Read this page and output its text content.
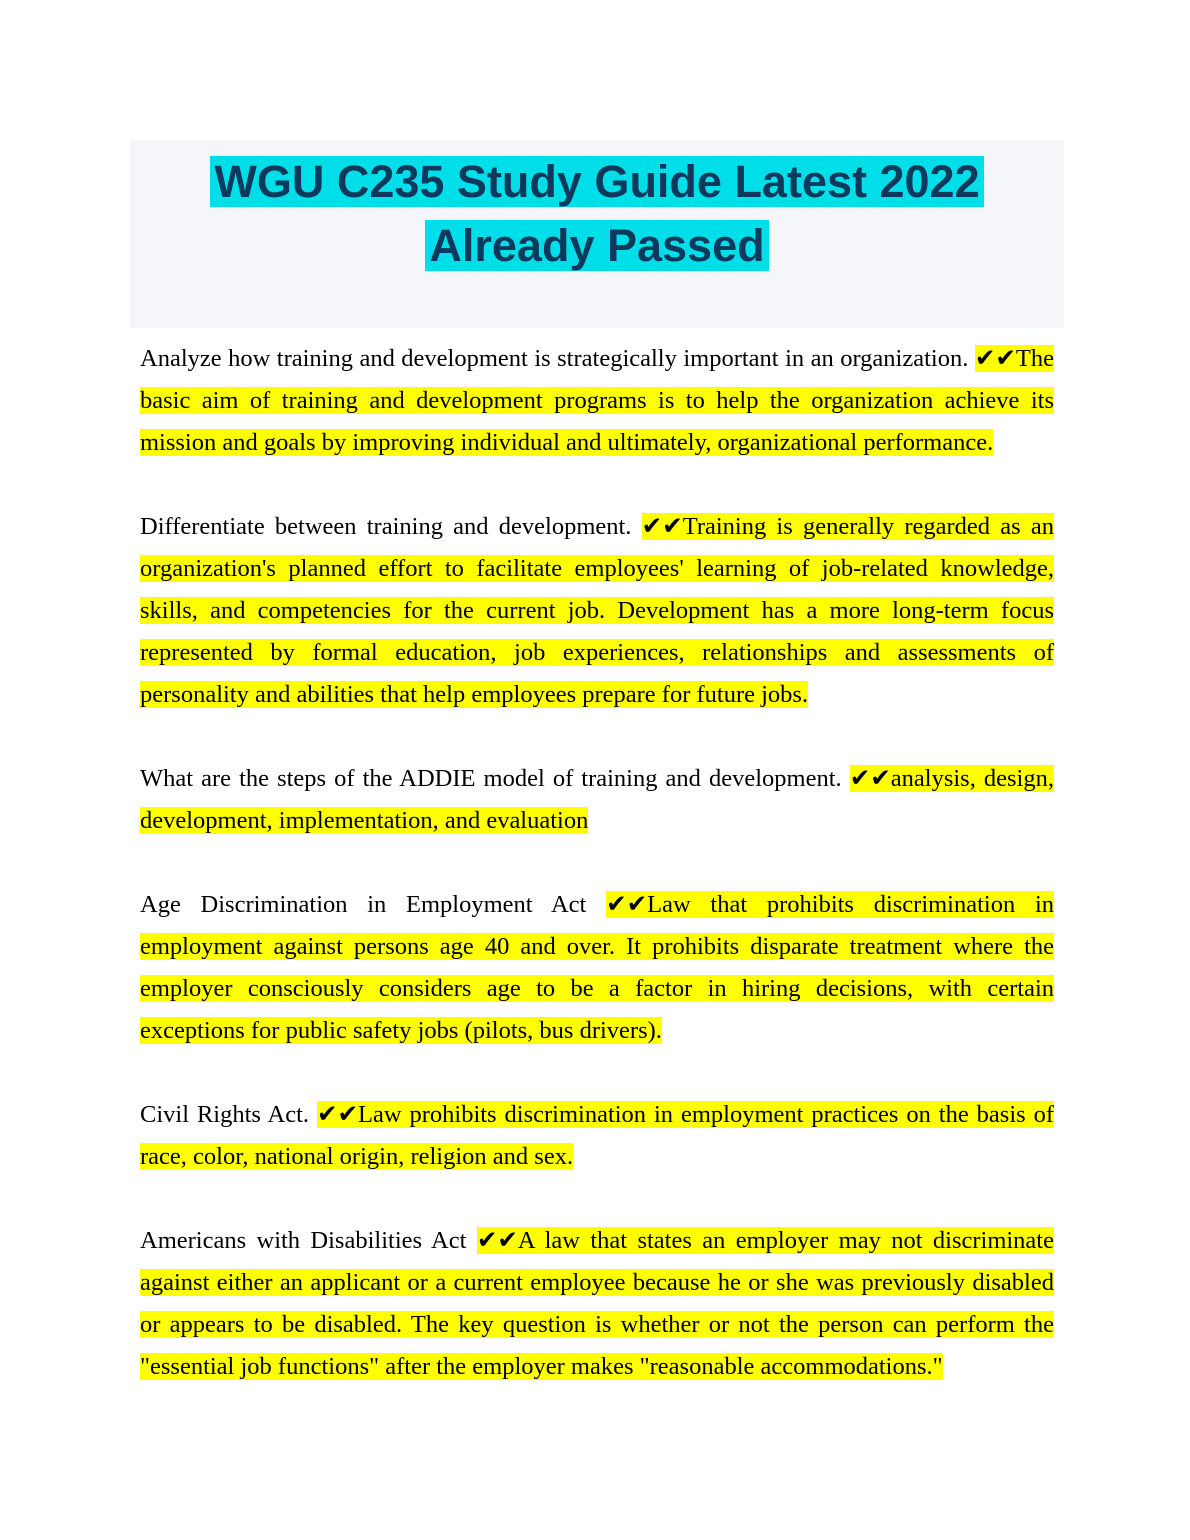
WGU C235 Study Guide Latest 2022
Already Passed

Analyze how training and development is strategically important in an organization. ✔✔The basic aim of training and development programs is to help the organization achieve its mission and goals by improving individual and ultimately, organizational performance.

Differentiate between training and development. ✔✔Training is generally regarded as an organization's planned effort to facilitate employees' learning of job-related knowledge, skills, and competencies for the current job. Development has a more long-term focus represented by formal education, job experiences, relationships and assessments of personality and abilities that help employees prepare for future jobs.

What are the steps of the ADDIE model of training and development. ✔✔analysis, design, development, implementation, and evaluation

Age Discrimination in Employment Act ✔✔Law that prohibits discrimination in employment against persons age 40 and over. It prohibits disparate treatment where the employer consciously considers age to be a factor in hiring decisions, with certain exceptions for public safety jobs (pilots, bus drivers).

Civil Rights Act. ✔✔Law prohibits discrimination in employment practices on the basis of race, color, national origin, religion and sex.

Americans with Disabilities Act ✔✔A law that states an employer may not discriminate against either an applicant or a current employee because he or she was previously disabled or appears to be disabled. The key question is whether or not the person can perform the "essential job functions" after the employer makes "reasonable accommodations."
